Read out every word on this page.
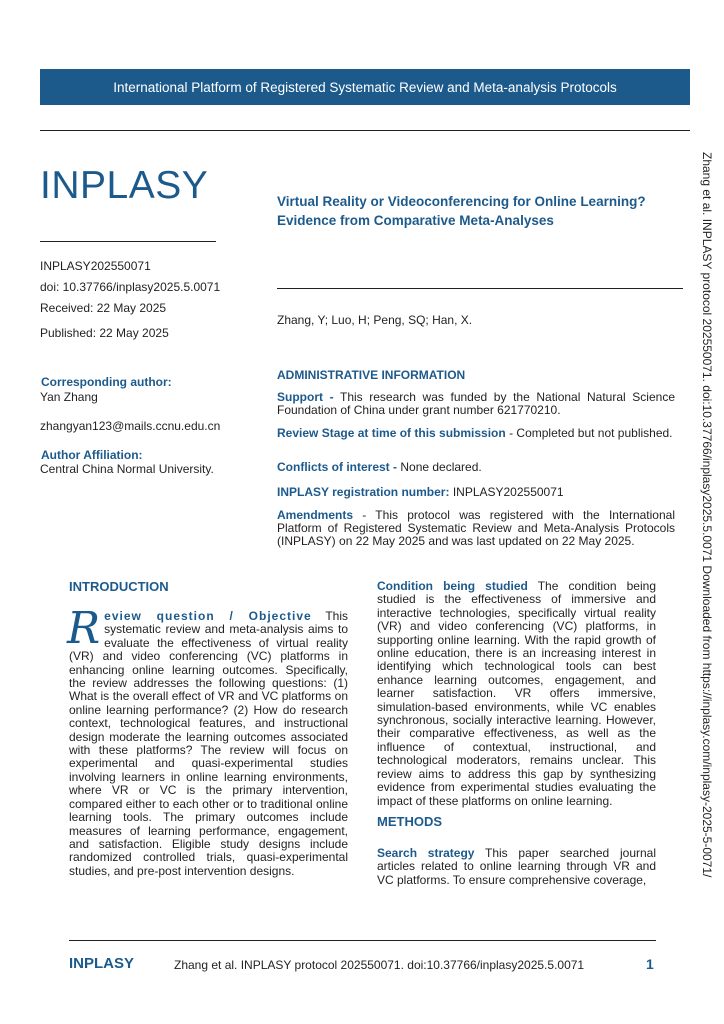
International Platform of Registered Systematic Review and Meta-analysis Protocols
INPLASY
INPLASY202550071
doi: 10.37766/inplasy2025.5.0071
Received: 22 May 2025
Published: 22 May 2025
Corresponding author:
Yan Zhang
zhangyan123@mails.ccnu.edu.cn
Author Affiliation:
Central China Normal University.
Virtual Reality or Videoconferencing for Online Learning? Evidence from Comparative Meta-Analyses
Zhang, Y; Luo, H; Peng, SQ; Han, X.
ADMINISTRATIVE INFORMATION
Support - This research was funded by the National Natural Science Foundation of China under grant number 621770210.
Review Stage at time of this submission - Completed but not published.
Conflicts of interest - None declared.
INPLASY registration number: INPLASY202550071
Amendments - This protocol was registered with the International Platform of Registered Systematic Review and Meta-Analysis Protocols (INPLASY) on 22 May 2025 and was last updated on 22 May 2025.	Zhang et al. INPLASY protocol 202550071. doi:10.37766/inplasy2025.5.0071 Downloaded from https://inplasy.com/inplasy-2025-5-0071/
INTRODUCTION
Review question / Objective This systematic review and meta-analysis aims to evaluate the effectiveness of virtual reality (VR) and video conferencing (VC) platforms in enhancing online learning outcomes. Specifically, the review addresses the following questions: (1) What is the overall effect of VR and VC platforms on online learning performance? (2) How do research context, technological features, and instructional design moderate the learning outcomes associated with these platforms? The review will focus on experimental and quasi-experimental studies involving learners in online learning environments, where VR or VC is the primary intervention, compared either to each other or to traditional online learning tools. The primary outcomes include measures of learning performance, engagement, and satisfaction. Eligible study designs include randomized controlled trials, quasi-experimental studies, and pre-post intervention designs.
Condition being studied The condition being studied is the effectiveness of immersive and interactive technologies, specifically virtual reality (VR) and video conferencing (VC) platforms, in supporting online learning. With the rapid growth of online education, there is an increasing interest in identifying which technological tools can best enhance learning outcomes, engagement, and learner satisfaction. VR offers immersive, simulation-based environments, while VC enables synchronous, socially interactive learning. However, their comparative effectiveness, as well as the influence of contextual, instructional, and technological moderators, remains unclear. This review aims to address this gap by synthesizing evidence from experimental studies evaluating the impact of these platforms on online learning.
METHODS
Search strategy This paper searched journal articles related to online learning through VR and VC platforms. To ensure comprehensive coverage,
INPLASY	Zhang et al. INPLASY protocol 202550071. doi:10.37766/inplasy2025.5.0071	1
